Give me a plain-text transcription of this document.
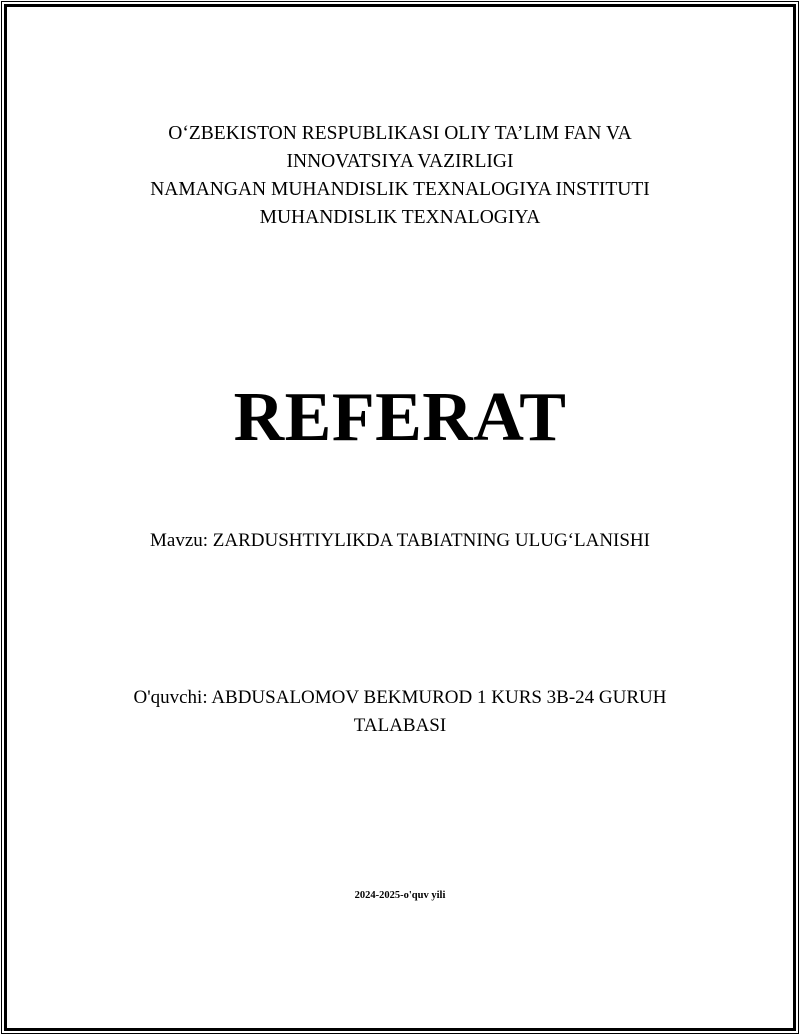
O‘ZBEKISTON RESPUBLIKASI OLIY TA’LIM FAN VA
INNOVATSIYA VAZIRLIGI
NAMANGAN MUHANDISLIK TEXNALOGIYA INSTITUTI
MUHANDISLIK TEXNALOGIYA
REFERAT
Mavzu: ZARDUSHTIYLIKDA TABIATNING ULUG‘LANISHI
O'quvchi: ABDUSALOMOV BEKMUROD 1 KURS 3B-24 GURUH
TALABASI
2024-2025-o'quv yili
